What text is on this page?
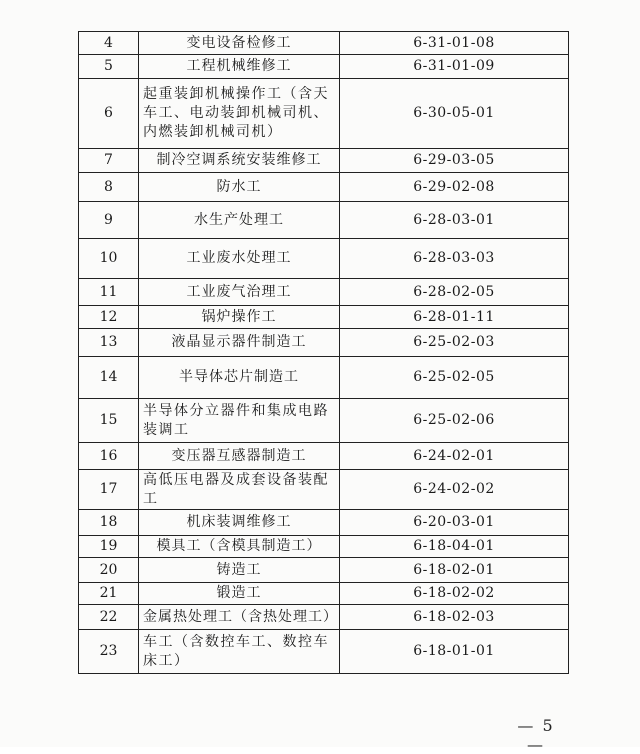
4	变电设备检修工	6-31-01-08
5	工程机械维修工	6-31-01-09
6	起重装卸机械操作工（含天车工、电动装卸机械司机、内燃装卸机械司机）	6-30-05-01
7	制冷空调系统安装维修工	6-29-03-05
8	防水工	6-29-02-08
9	水生产处理工	6-28-03-01
10	工业废水处理工	6-28-03-03
11	工业废气治理工	6-28-02-05
12	锅炉操作工	6-28-01-11
13	液晶显示器件制造工	6-25-02-03
14	半导体芯片制造工	6-25-02-05
15	半导体分立器件和集成电路装调工	6-25-02-06
16	变压器互感器制造工	6-24-02-01
17	高低压电器及成套设备装配工	6-24-02-02
18	机床装调维修工	6-20-03-01
19	模具工（含模具制造工）	6-18-04-01
20	铸造工	6-18-02-01
21	锻造工	6-18-02-02
22	金属热处理工（含热处理工）	6-18-02-03
23	车工（含数控车工、数控车床工）	6-18-01-01
— 5 —
